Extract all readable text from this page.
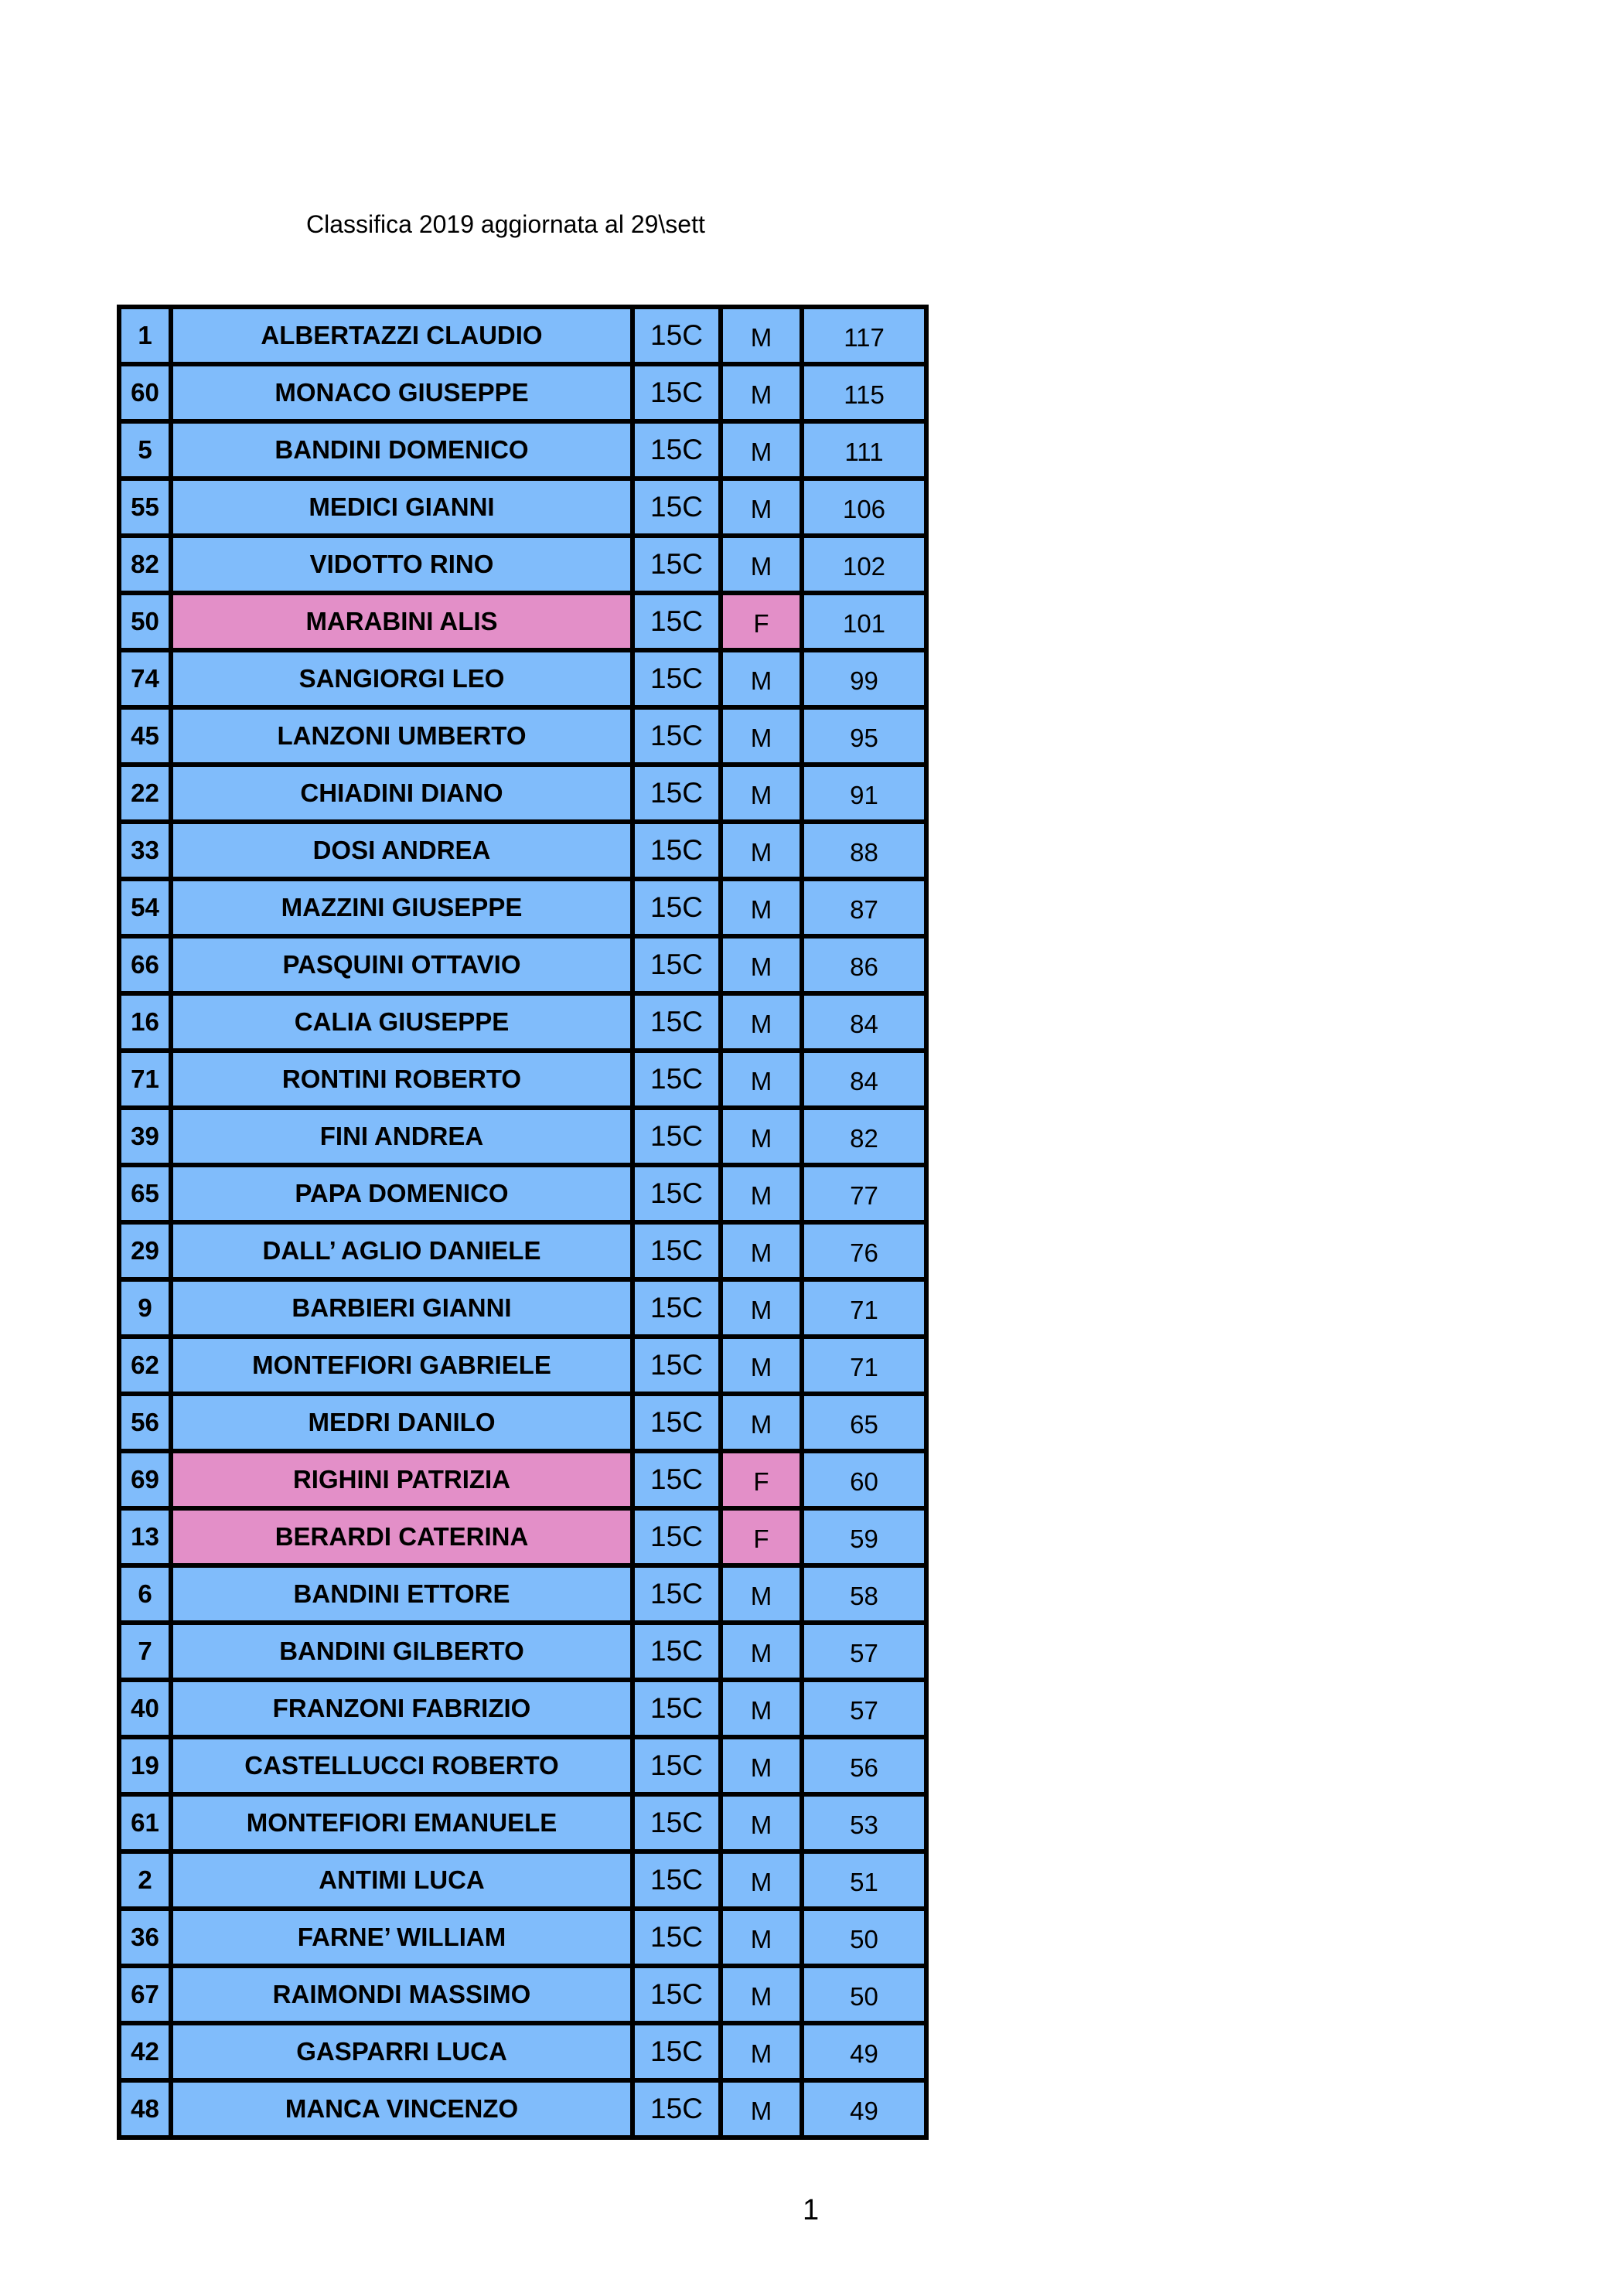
Classifica 2019 aggiornata al 29\sett
1	ALBERTAZZI CLAUDIO	15C	M	117
60	MONACO GIUSEPPE	15C	M	115
5	BANDINI DOMENICO	15C	M	111
55	MEDICI GIANNI	15C	M	106
82	VIDOTTO RINO	15C	M	102
50	MARABINI ALIS	15C	F	101
74	SANGIORGI LEO	15C	M	99
45	LANZONI UMBERTO	15C	M	95
22	CHIADINI DIANO	15C	M	91
33	DOSI ANDREA	15C	M	88
54	MAZZINI GIUSEPPE	15C	M	87
66	PASQUINI OTTAVIO	15C	M	86
16	CALIA GIUSEPPE	15C	M	84
71	RONTINI ROBERTO	15C	M	84
39	FINI ANDREA	15C	M	82
65	PAPA DOMENICO	15C	M	77
29	DALL’ AGLIO DANIELE	15C	M	76
9	BARBIERI GIANNI	15C	M	71
62	MONTEFIORI GABRIELE	15C	M	71
56	MEDRI DANILO	15C	M	65
69	RIGHINI PATRIZIA	15C	F	60
13	BERARDI CATERINA	15C	F	59
6	BANDINI ETTORE	15C	M	58
7	BANDINI GILBERTO	15C	M	57
40	FRANZONI FABRIZIO	15C	M	57
19	CASTELLUCCI ROBERTO	15C	M	56
61	MONTEFIORI EMANUELE	15C	M	53
2	ANTIMI LUCA	15C	M	51
36	FARNE’ WILLIAM	15C	M	50
67	RAIMONDI MASSIMO	15C	M	50
42	GASPARRI LUCA	15C	M	49
48	MANCA VINCENZO	15C	M	49
1
